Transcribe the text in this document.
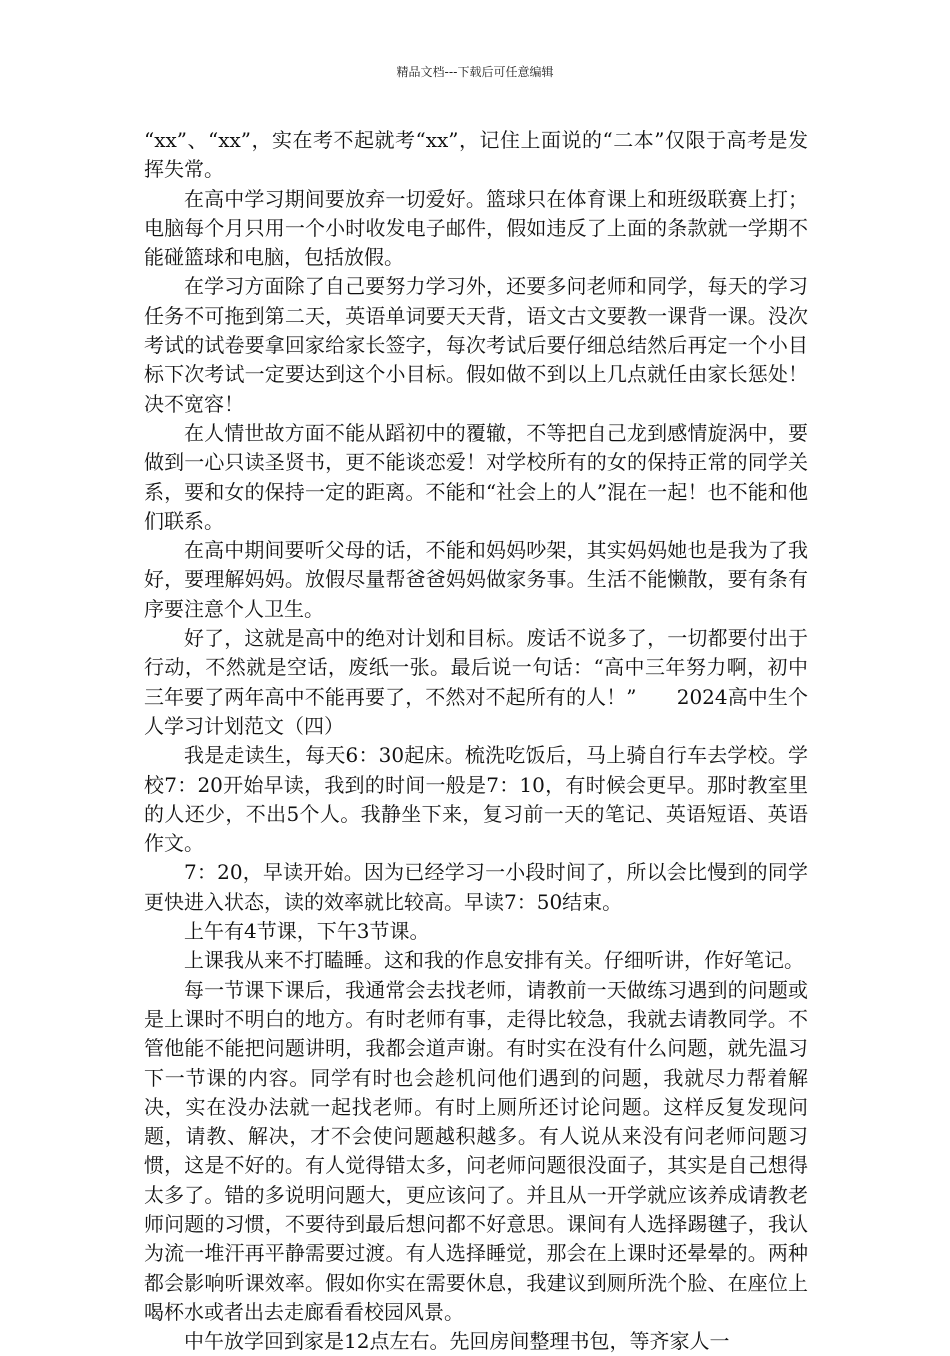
精品文档---下载后可任意编辑

“xx”、“xx”，实在考不起就考“xx”，记住上面说的“二本”仅限于高考是发挥失常。

在高中学习期间要放弃一切爱好。篮球只在体育课上和班级联赛上打；电脑每个月只用一个小时收发电子邮件，假如违反了上面的条款就一学期不能碰篮球和电脑，包括放假。

在学习方面除了自己要努力学习外，还要多问老师和同学，每天的学习任务不可拖到第二天，英语单词要天天背，语文古文要教一课背一课。没次考试的试卷要拿回家给家长签字，每次考试后要仔细总结然后再定一个小目标下次考试一定要达到这个小目标。假如做不到以上几点就任由家长惩处！决不宽容！

在人情世故方面不能从蹈初中的覆辙，不等把自己龙到感情旋涡中，要做到一心只读圣贤书，更不能谈恋爱！对学校所有的女的保持正常的同学关系，要和女的保持一定的距离。不能和“社会上的人”混在一起！也不能和他们联系。

在高中期间要听父母的话，不能和妈妈吵架，其实妈妈她也是我为了我好，要理解妈妈。放假尽量帮爸爸妈妈做家务事。生活不能懒散，要有条有序要注意个人卫生。

好了，这就是高中的绝对计划和目标。废话不说多了，一切都要付出于行动，不然就是空话，废纸一张。最后说一句话：“高中三年努力啊，初中三年要了两年高中不能再要了，不然对不起所有的人！”　　2024高中生个人学习计划范文（四）

我是走读生，每天6：30起床。梳洗吃饭后，马上骑自行车去学校。学校7：20开始早读，我到的时间一般是7：10，有时候会更早。那时教室里的人还少，不出5个人。我静坐下来，复习前一天的笔记、英语短语、英语作文。

7：20，早读开始。因为已经学习一小段时间了，所以会比慢到的同学更快进入状态，读的效率就比较高。早读7：50结束。

上午有4节课，下午3节课。

上课我从来不打瞌睡。这和我的作息安排有关。仔细听讲，作好笔记。

每一节课下课后，我通常会去找老师，请教前一天做练习遇到的问题或是上课时不明白的地方。有时老师有事，走得比较急，我就去请教同学。不管他能不能把问题讲明，我都会道声谢。有时实在没有什么问题，就先温习下一节课的内容。同学有时也会趁机问他们遇到的问题，我就尽力帮着解决，实在没办法就一起找老师。有时上厕所还讨论问题。这样反复发现问题，请教、解决，才不会使问题越积越多。有人说从来没有问老师问题习惯，这是不好的。有人觉得错太多，问老师问题很没面子，其实是自己想得太多了。错的多说明问题大，更应该问了。并且从一开学就应该养成请教老师问题的习惯，不要待到最后想问都不好意思。课间有人选择踢毽子，我认为流一堆汗再平静需要过渡。有人选择睡觉，那会在上课时还晕晕的。两种都会影响听课效率。假如你实在需要休息，我建议到厕所洗个脸、在座位上喝杯水或者出去走廊看看校园风景。

中午放学回到家是12点左右。先回房间整理书包，等齐家人一
